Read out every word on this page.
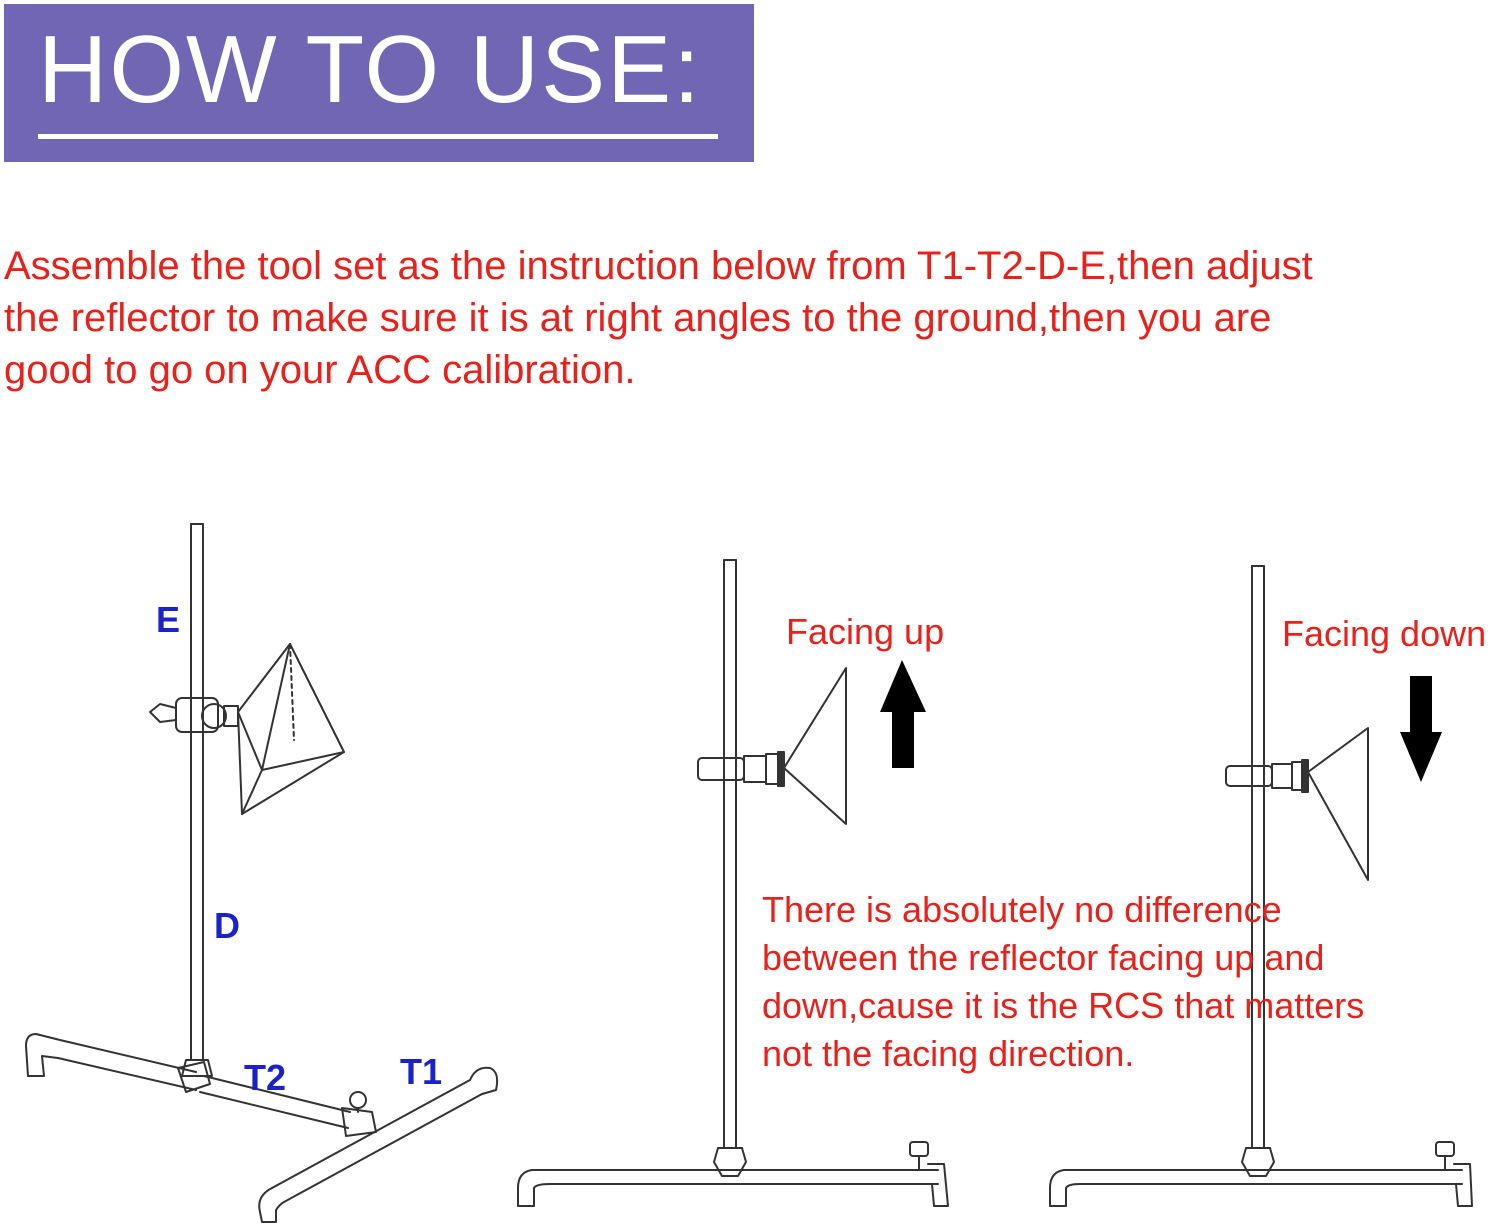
HOW TO USE:
Assemble the tool set as the instruction below from T1-T2-D-E,then adjust
the reflector to make sure it is at right angles to the ground,then you are
good to go on your ACC calibration.
E
D
T2	T1
Facing up	Facing down
There is absolutely no difference
between the reflector facing up and
down,cause it is the RCS that matters
not the facing direction.
